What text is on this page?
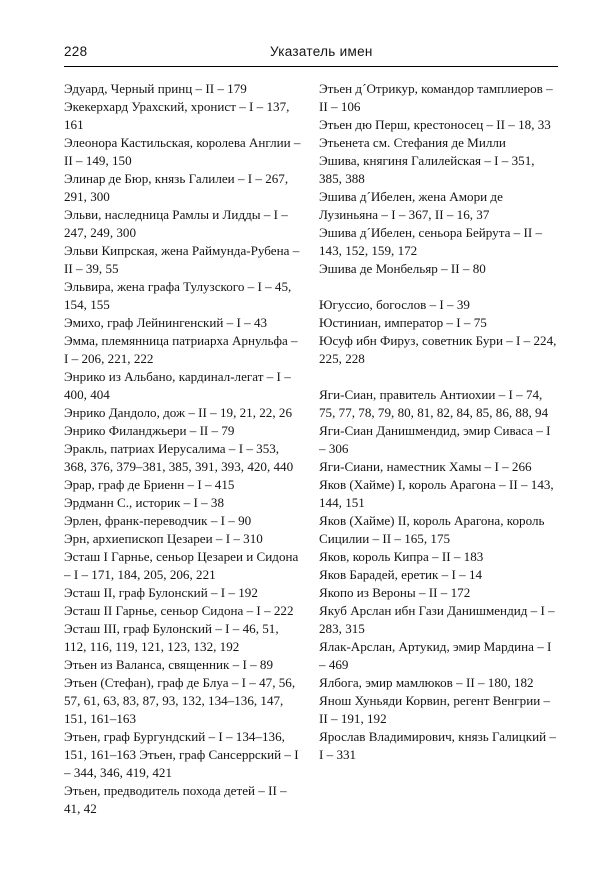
228	Указатель имен

Эдуард, Черный принц – II – 179

Экекерхард Урахский, хронист – I – 137, 161

Элеонора Кастильская, королева Англии – II – 149, 150

Элинар де Бюр, князь Галилеи – I – 267, 291, 300

Эльви, наследница Рамлы и Лидды – I – 247, 249, 300

Эльви Кипрская, жена Раймунда-Рубена – II – 39, 55

Эльвира, жена графа Тулузского – I – 45, 154, 155

Эмихо, граф Лейнингенский – I – 43

Эмма, племянница патриарха Арнульфа – I – 206, 221, 222

Энрико из Альбано, кардинал-легат – I – 400, 404

Энрико Дандоло, дож – II – 19, 21, 22, 26

Энрико Филанджьери – II – 79

Эракль, патриах Иерусалима – I – 353, 368, 376, 379–381, 385, 391, 393, 420, 440

Эрар, граф де Бриенн – I – 415

Эрдманн С., историк – I – 38

Эрлен, франк-переводчик – I – 90

Эрн, архиепископ Цезареи – I – 310

Эсташ I Гарнье, сеньор Цезареи и Сидона – I – 171, 184, 205, 206, 221

Эсташ II, граф Булонский – I – 192

Эсташ II Гарнье, сеньор Сидона – I – 222

Эсташ III, граф Булонский – I – 46, 51, 112, 116, 119, 121, 123, 132, 192

Этьен из Валанса, священник – I – 89

Этьен (Стефан), граф де Блуа – I – 47, 56, 57, 61, 63, 83, 87, 93, 132, 134–136, 147, 151, 161–163

Этьен, граф Бургундский – I – 134–136, 151, 161–163 Этьен, граф Сансеррский – I – 344, 346, 419, 421

Этьен, предводитель похода детей – II – 41, 42

Этьен д´Отрикур, командор тамплиеров – II – 106

Этьен дю Перш, крестоносец – II – 18, 33

Этьенета см. Стефания де Милли

Эшива, княгиня Галилейская – I – 351, 385, 388

Эшива д´Ибелен, жена Амори де Лузиньяна – I – 367, II – 16, 37

Эшива д´Ибелен, сеньора Бейрута – II – 143, 152, 159, 172

Эшива де Монбельяр – II – 80

Югуссио, богослов – I – 39

Юстиниан, император – I – 75

Юсуф ибн Фируз, советник Бури – I – 224, 225, 228

Яги-Сиан, правитель Антиохии – I – 74, 75, 77, 78, 79, 80, 81, 82, 84, 85, 86, 88, 94

Яги-Сиан Данишмендид, эмир Сиваса – I – 306

Яги-Сиани, наместник Хамы – I – 266

Яков (Хайме) I, король Арагона – II – 143, 144, 151

Яков (Хайме) II, король Арагона, король Сицилии – II – 165, 175

Яков, король Кипра – II – 183

Яков Барадей, еретик – I – 14

Якопо из Вероны – II – 172

Якуб Арслан ибн Гази Данишмендид – I – 283, 315

Ялак-Арслан, Артукид, эмир Мардина – I – 469

Ялбога, эмир мамлюков – II – 180, 182

Янош Хуньяди Корвин, регент Венгрии – II – 191, 192

Ярослав Владимирович, князь Галицкий – I – 331
